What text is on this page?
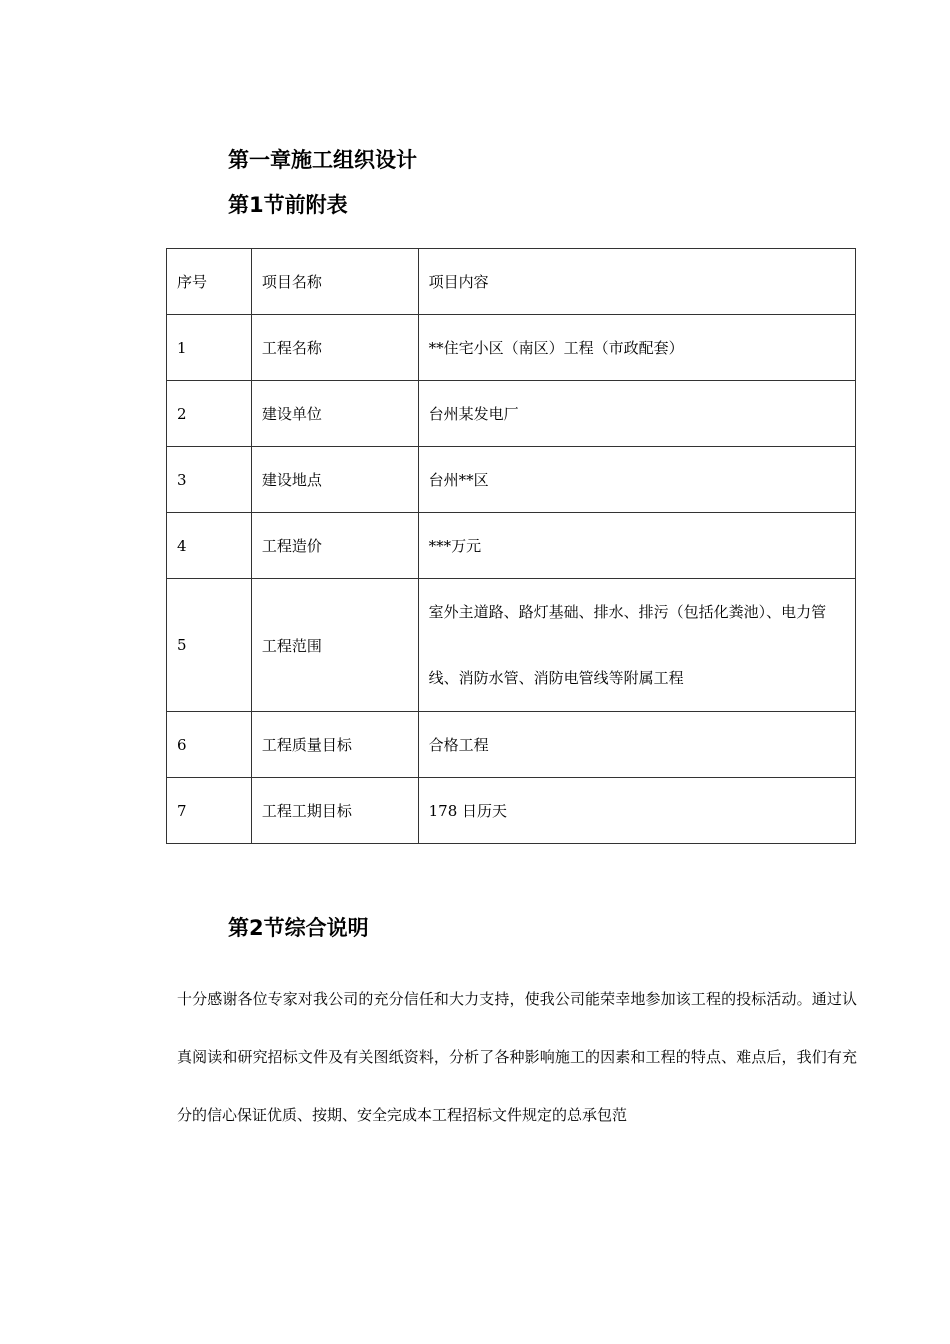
第一章施工组织设计
第1节前附表
序号	项目名称	项目内容
1	工程名称	**住宅小区（南区）工程（市政配套）
2	建设单位	台州某发电厂
3	建设地点	台州**区
4	工程造价	***万元
5	工程范围	室外主道路、路灯基础、排水、排污（包括化粪池）、电力管线、消防水管、消防电管线等附属工程
6	工程质量目标	合格工程
7	工程工期目标	178 日历天
第2节综合说明

十分感谢各位专家对我公司的充分信任和大力支持，使我公司能荣幸地参加该工程的投标活动。通过认真阅读和研究招标文件及有关图纸资料，分析了各种影响施工的因素和工程的特点、难点后，我们有充分的信心保证优质、按期、安全完成本工程招标文件规定的总承包范
